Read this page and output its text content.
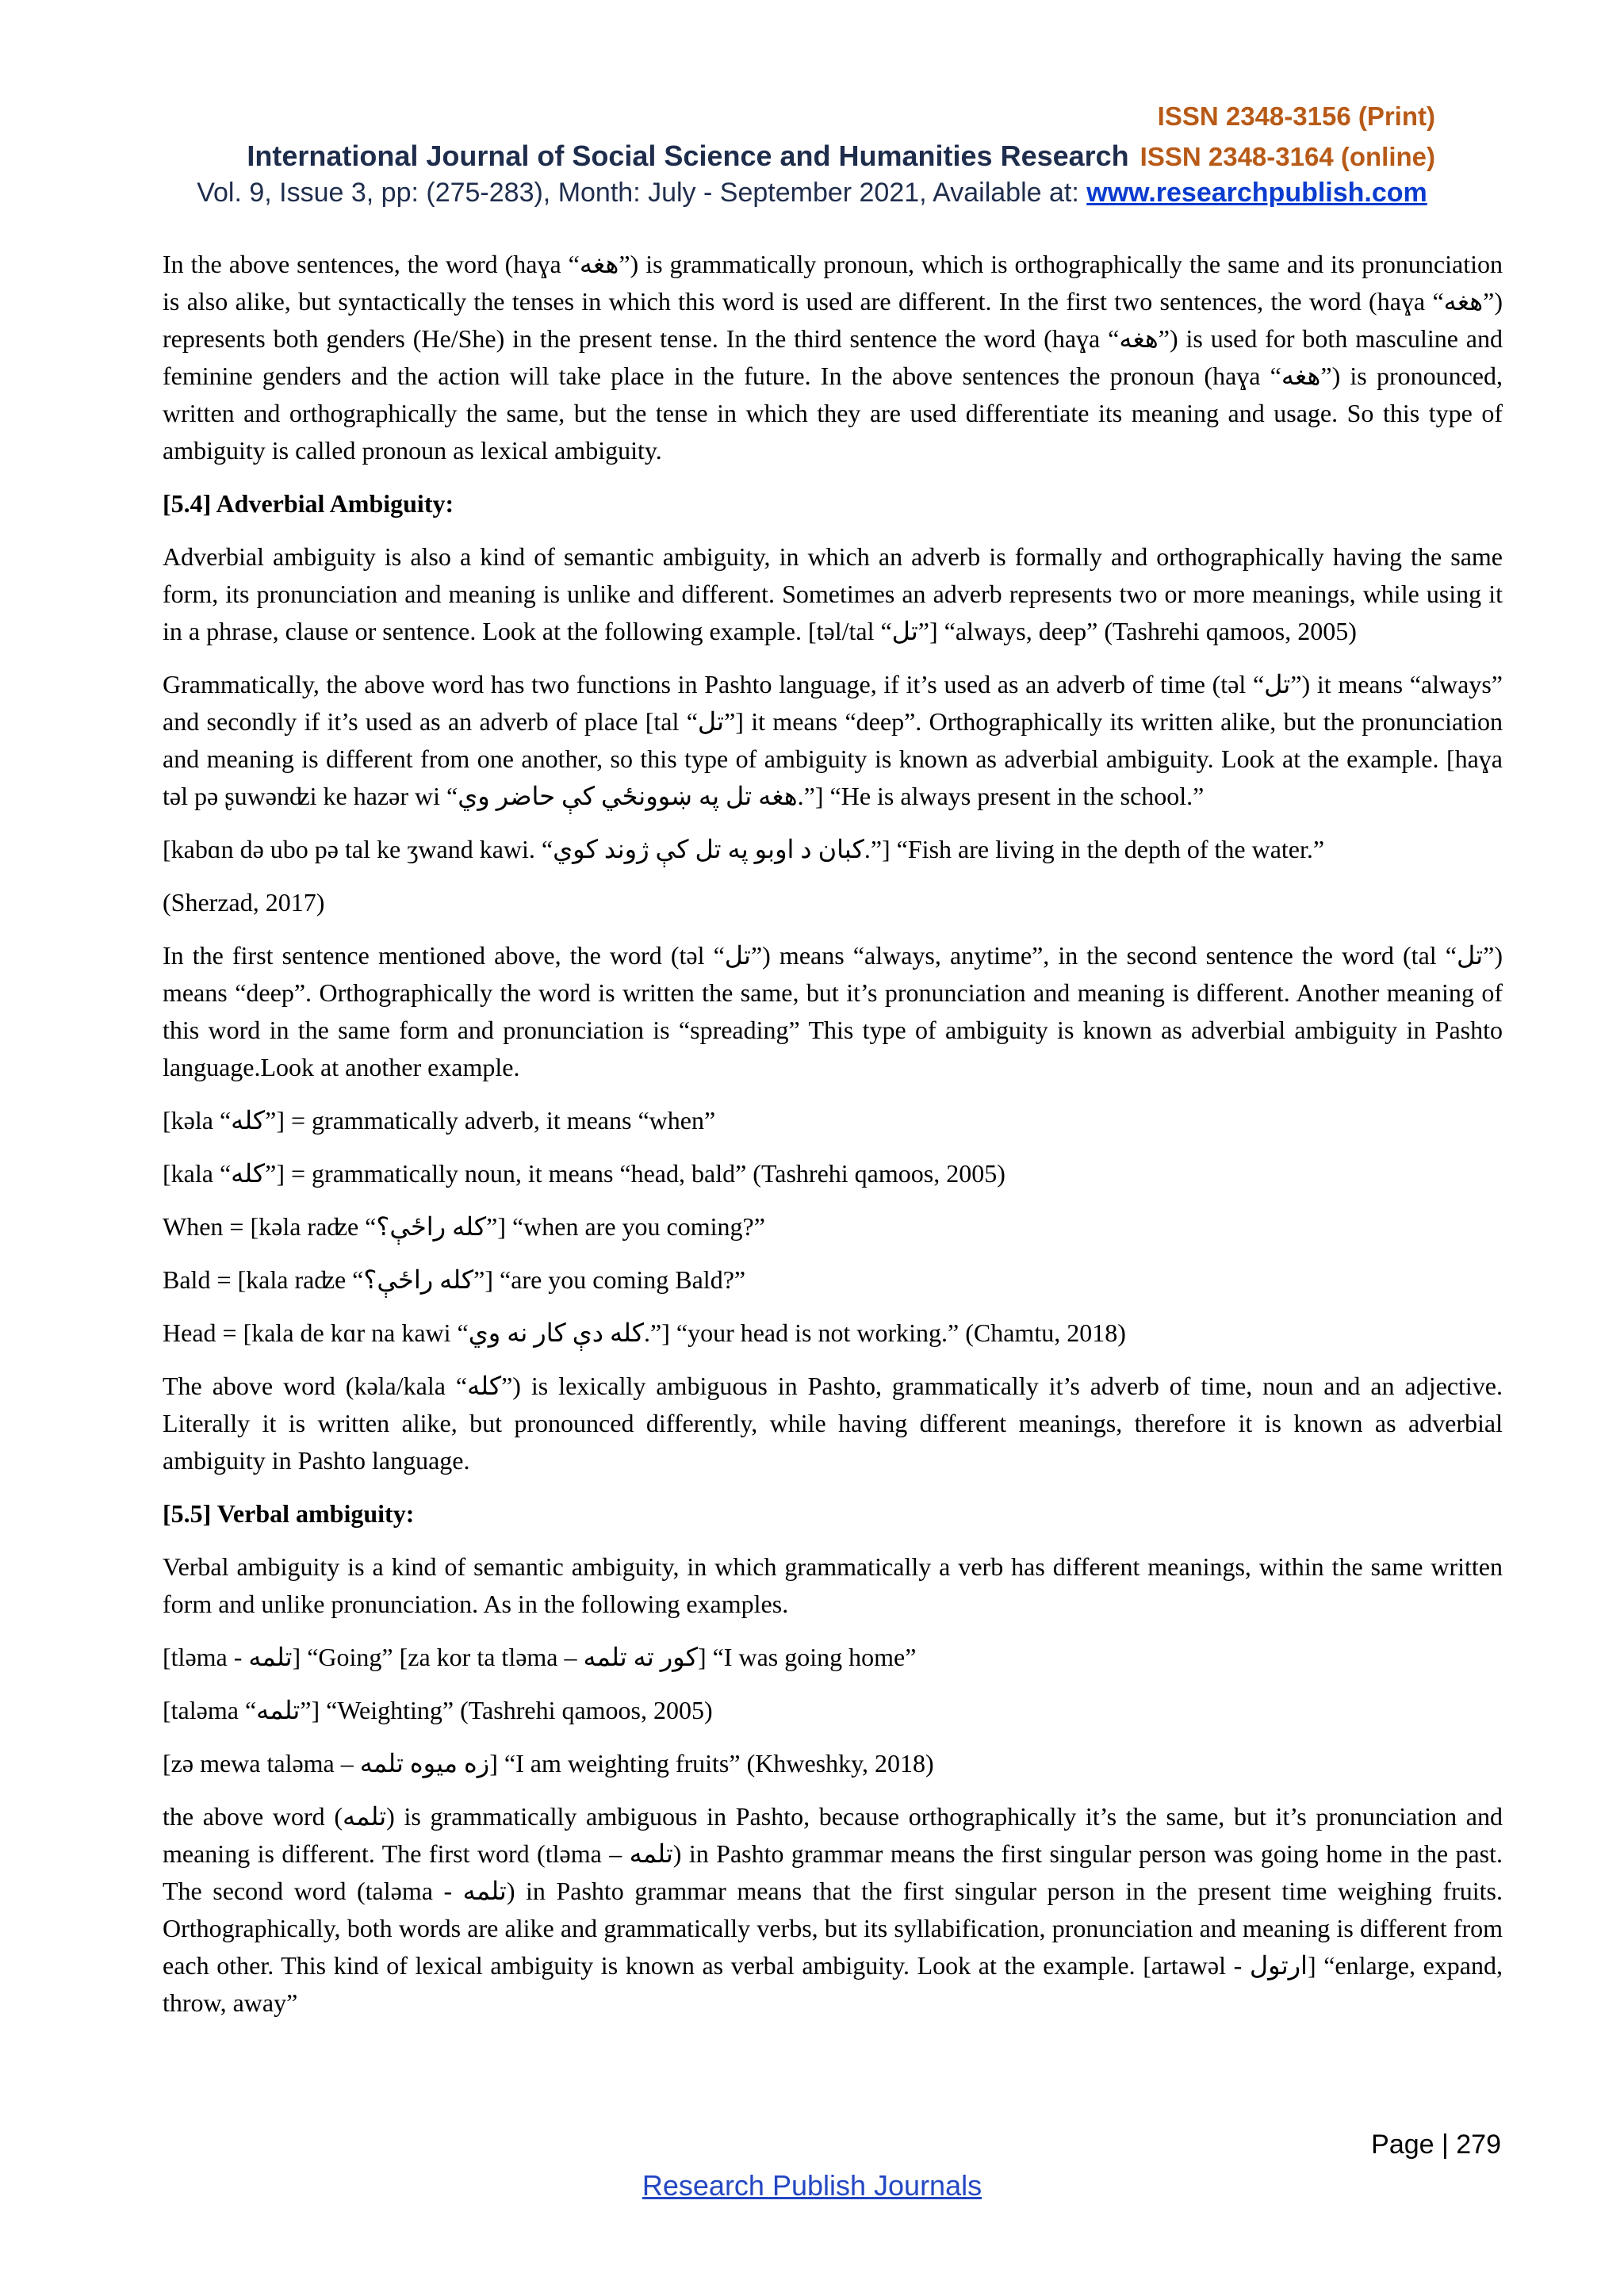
ISSN 2348-3156 (Print)
International Journal of Social Science and Humanities Research ISSN 2348-3164 (online)
Vol. 9, Issue 3, pp: (275-283), Month: July - September 2021, Available at: www.researchpublish.com

In the above sentences, the word (haɣa “هغه”) is grammatically pronoun, which is orthographically the same and its pronunciation is also alike, but syntactically the tenses in which this word is used are different. In the first two sentences, the word (haɣa “هغه”) represents both genders (He/She) in the present tense. In the third sentence the word (haɣa “هغه”) is used for both masculine and feminine genders and the action will take place in the future. In the above sentences the pronoun (haɣa “هغه”) is pronounced, written and orthographically the same, but the tense in which they are used differentiate its meaning and usage. So this type of ambiguity is called pronoun as lexical ambiguity.

[5.4] Adverbial Ambiguity:

Adverbial ambiguity is also a kind of semantic ambiguity, in which an adverb is formally and orthographically having the same form, its pronunciation and meaning is unlike and different. Sometimes an adverb represents two or more meanings, while using it in a phrase, clause or sentence. Look at the following example. [təl/tal “تل”] “always, deep” (Tashrehi qamoos, 2005)

Grammatically, the above word has two functions in Pashto language, if it’s used as an adverb of time (təl “تل”) it means “always” and secondly if it’s used as an adverb of place [tal “تل”] it means “deep”. Orthographically its written alike, but the pronunciation and meaning is different from one another, so this type of ambiguity is known as adverbial ambiguity. Look at the example. [haɣa təl pə ʂuwənʣi ke hazər wi “هغه تل په ښوونځي کې حاضر وي.”] “He is always present in the school.”

[kabɑn də ubo pə tal ke ʒwand kawi. “کبان د اوبو په تل کې ژوند کوي.”] “Fish are living in the depth of the water.”

(Sherzad, 2017)

In the first sentence mentioned above, the word (təl “تل”) means “always, anytime”, in the second sentence the word (tal “تل”) means “deep”. Orthographically the word is written the same, but it’s pronunciation and meaning is different. Another meaning of this word in the same form and pronunciation is “spreading” This type of ambiguity is known as adverbial ambiguity in Pashto language.Look at another example.

[kəla “کله”] = grammatically adverb, it means “when”

[kala “کله”] = grammatically noun, it means “head, bald” (Tashrehi qamoos, 2005)

When = [kəla raʣe “کله راځې؟”] “when are you coming?”

Bald = [kala raʣe “کله راځې؟”] “are you coming Bald?”

Head = [kala de kɑr na kawi “کله دې کار نه وي.”] “your head is not working.” (Chamtu, 2018)

The above word (kəla/kala “کله”) is lexically ambiguous in Pashto, grammatically it’s adverb of time, noun and an adjective. Literally it is written alike, but pronounced differently, while having different meanings, therefore it is known as adverbial ambiguity in Pashto language.

[5.5] Verbal ambiguity:

Verbal ambiguity is a kind of semantic ambiguity, in which grammatically a verb has different meanings, within the same written form and unlike pronunciation. As in the following examples.

[tləma - تلمه] “Going” [za kor ta tləma – کور ته تلمه] “I was going home”

[taləma “تلمه”] “Weighting” (Tashrehi qamoos, 2005)

[zə mewa taləma – زه میوه تلمه] “I am weighting fruits” (Khweshky, 2018)

the above word (تلمه) is grammatically ambiguous in Pashto, because orthographically it’s the same, but it’s pronunciation and meaning is different. The first word (tləma – تلمه) in Pashto grammar means the first singular person was going home in the past. The second word (taləma - تلمه) in Pashto grammar means that the first singular person in the present time weighing fruits. Orthographically, both words are alike and grammatically verbs, but its syllabification, pronunciation and meaning is different from each other. This kind of lexical ambiguity is known as verbal ambiguity. Look at the example. [artawəl - ارتول] “enlarge, expand, throw, away”

Page | 279
Research Publish Journals
